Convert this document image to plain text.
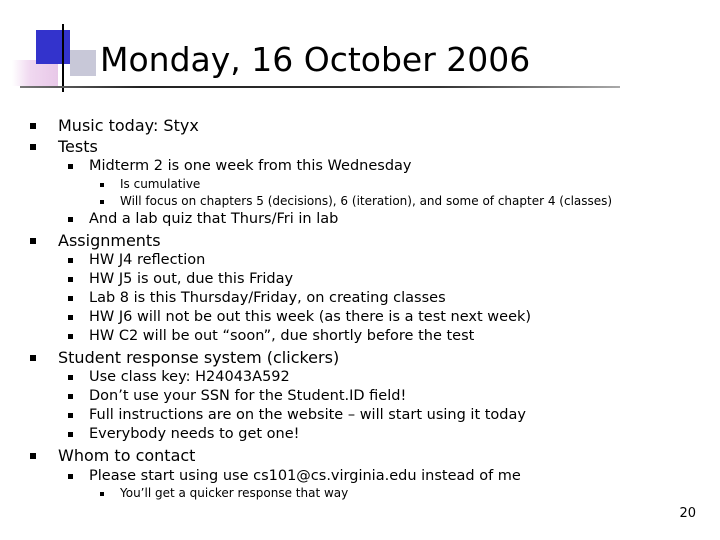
Monday, 16 October 2006
Music today: Styx
Tests
Midterm 2 is one week from this Wednesday
Is cumulative
Will focus on chapters 5 (decisions), 6 (iteration), and some of chapter 4 (classes)
And a lab quiz that Thurs/Fri in lab
Assignments
HW J4 reflection
HW J5 is out, due this Friday
Lab 8 is this Thursday/Friday, on creating classes
HW J6 will not be out this week (as there is a test next week)
HW C2 will be out “soon”, due shortly before the test
Student response system (clickers)
Use class key: H24043A592
Don’t use your SSN for the Student.ID field!
Full instructions are on the website – will start using it today
Everybody needs to get one!
Whom to contact
Please start using use cs101@cs.virginia.edu instead of me
You’ll get a quicker response that way
20
